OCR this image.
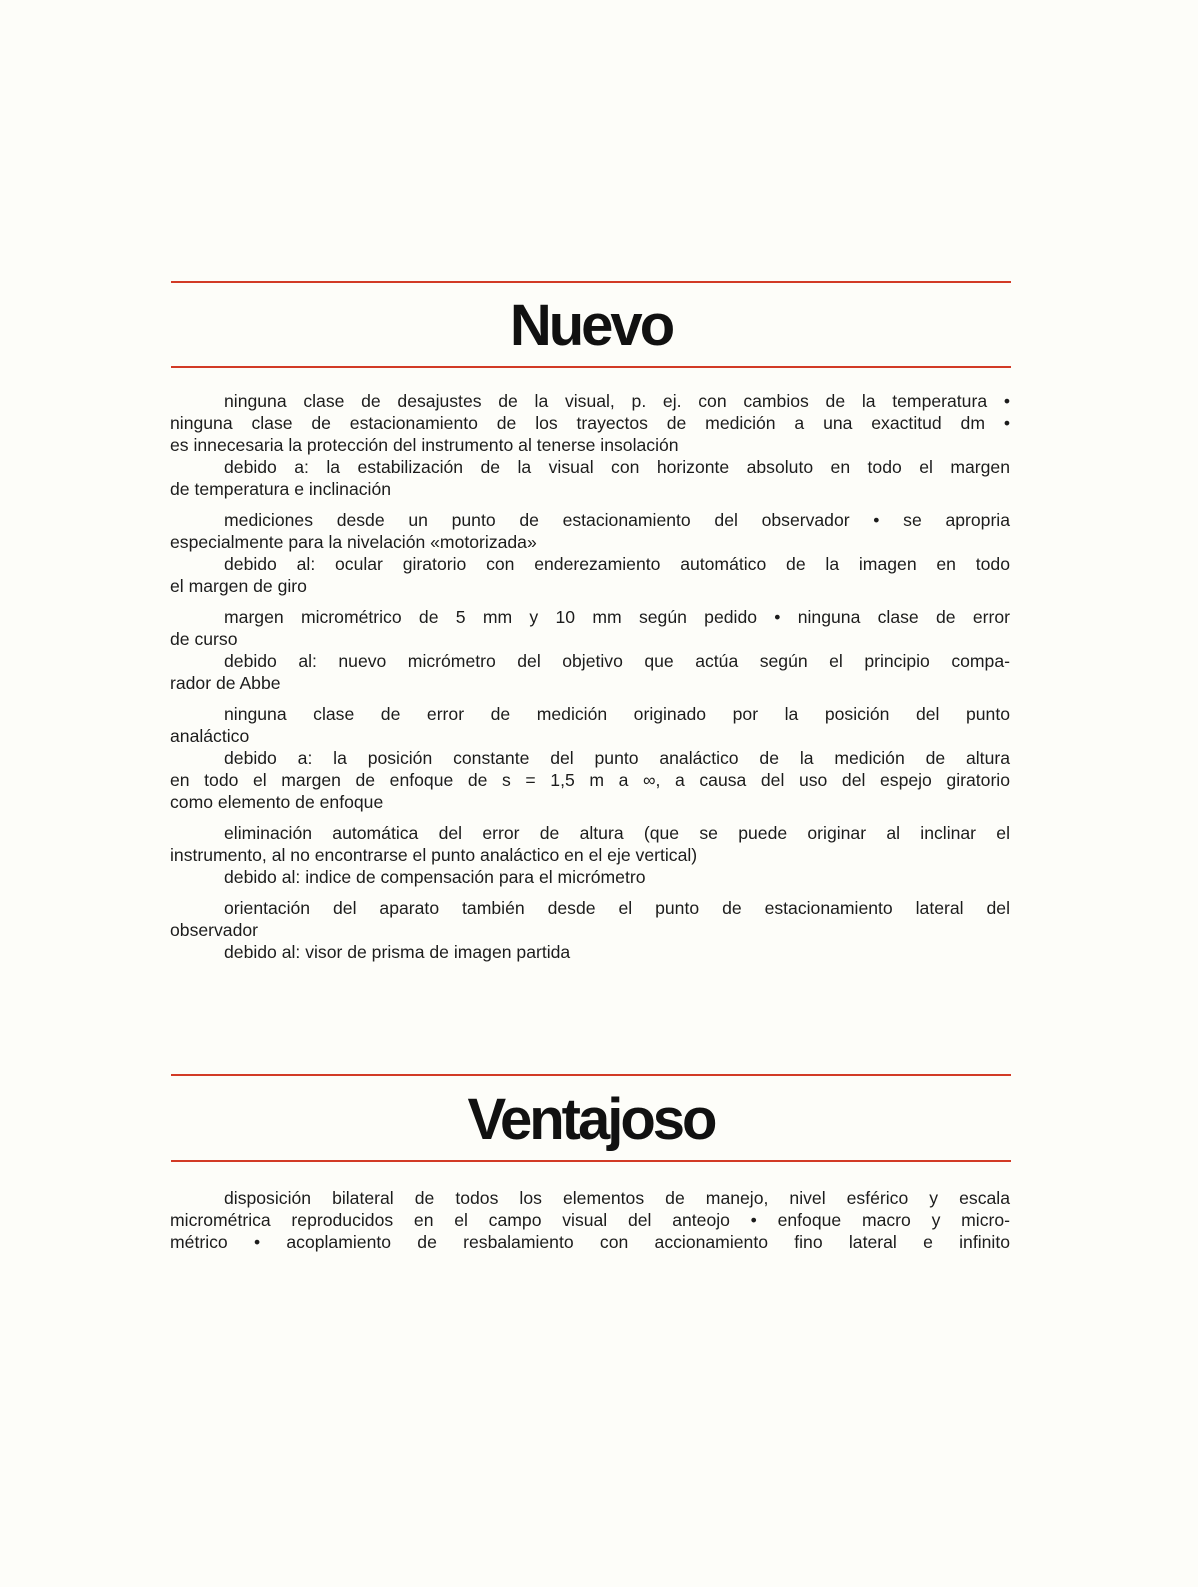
Nuevo
ninguna clase de desajustes de la visual, p. ej. con cambios de la temperatura •
ninguna clase de estacionamiento de los trayectos de medición a una exactitud dm •
es innecesaria la protección del instrumento al tenerse insolación
debido a: la estabilización de la visual con horizonte absoluto en todo el margen
de temperatura e inclinación
mediciones desde un punto de estacionamiento del observador • se apropria
especialmente para la nivelación «motorizada»
debido al: ocular giratorio con enderezamiento automático de la imagen en todo
el margen de giro
margen micrométrico de 5 mm y 10 mm según pedido • ninguna clase de error
de curso
debido al: nuevo micrómetro del objetivo que actúa según el principio compa-
rador de Abbe
ninguna clase de error de medición originado por la posición del punto
analáctico
debido a: la posición constante del punto analáctico de la medición de altura
en todo el margen de enfoque de s = 1,5 m a ∞, a causa del uso del espejo giratorio
como elemento de enfoque
eliminación automática del error de altura (que se puede originar al inclinar el
instrumento, al no encontrarse el punto analáctico en el eje vertical)
debido al: indice de compensación para el micrómetro
orientación del aparato también desde el punto de estacionamiento lateral del
observador
debido al: visor de prisma de imagen partida
Ventajoso
disposición bilateral de todos los elementos de manejo, nivel esférico y escala
micrométrica reproducidos en el campo visual del anteojo • enfoque macro y micro-
métrico • acoplamiento de resbalamiento con accionamiento fino lateral e infinito
